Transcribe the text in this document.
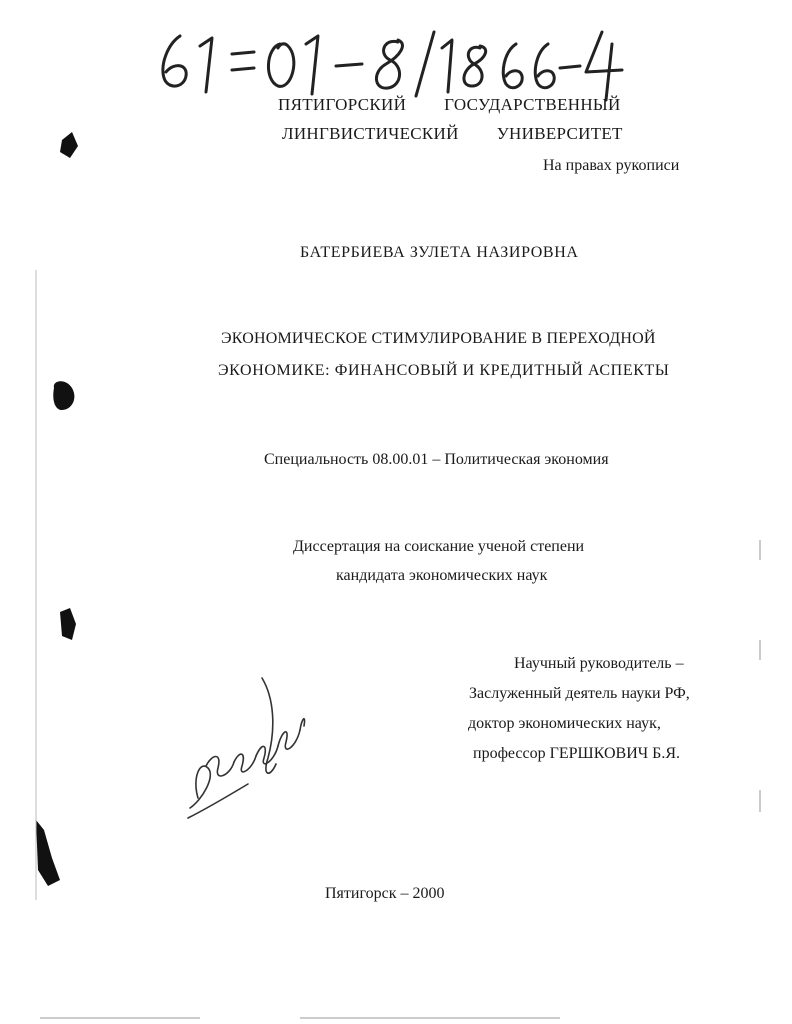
ПЯТИГОРСКИЙ ГОСУДАРСТВЕННЫЙ
ЛИНГВИСТИЧЕСКИЙ УНИВЕРСИТЕТ
На правах рукописи
БАТЕРБИЕВА ЗУЛЕТА НАЗИРОВНА
ЭКОНОМИЧЕСКОЕ СТИМУЛИРОВАНИЕ В ПЕРЕХОДНОЙ
ЭКОНОМИКЕ: ФИНАНСОВЫЙ И КРЕДИТНЫЙ АСПЕКТЫ
Специальность 08.00.01 – Политическая экономия
Диссертация на соискание ученой степени
кандидата экономических наук
Научный руководитель –
Заслуженный деятель науки РФ,
доктор экономических наук,
профессор ГЕРШКОВИЧ Б.Я.
Пятигорск – 2000
